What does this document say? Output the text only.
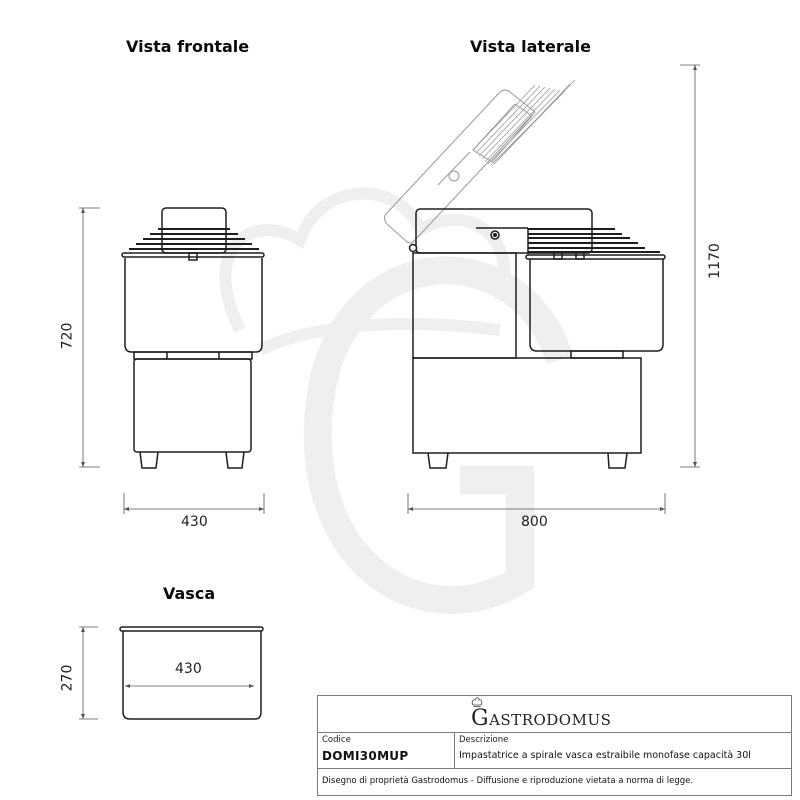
Vista frontale	Vista laterale
Vasca
720
430
1170
800
270	430
GASTRODOMUS
Codice
DOMI30MUP
Descrizione
Impastatrice a spirale vasca estraibile monofase capacità 30l
Disegno di proprietà Gastrodomus - Diffusione e riproduzione vietata a norma di legge.
